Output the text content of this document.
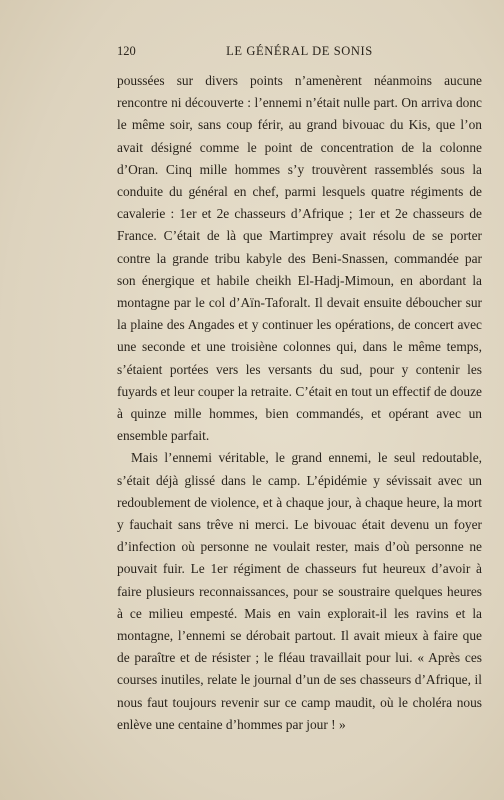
120	LE GÉNÉRAL DE SONIS

poussées sur divers points n’amenèrent néanmoins aucune rencontre ni découverte : l’ennemi n’était nulle part. On arriva donc le même soir, sans coup férir, au grand bivouac du Kis, que l’on avait désigné comme le point de concentration de la colonne d’Oran. Cinq mille hommes s’y trouvèrent rassemblés sous la conduite du général en chef, parmi lesquels quatre régiments de cavalerie : 1er et 2e chasseurs d’Afrique ; 1er et 2e chasseurs de France. C’était de là que Martimprey avait résolu de se porter contre la grande tribu kabyle des Beni-Snassen, commandée par son énergique et habile cheikh El-Hadj-Mimoun, en abordant la montagne par le col d’Aïn-Taforalt. Il devait ensuite déboucher sur la plaine des Angades et y continuer les opérations, de concert avec une seconde et une troisiène colonnes qui, dans le même temps, s’étaient portées vers les versants du sud, pour y contenir les fuyards et leur couper la retraite. C’était en tout un effectif de douze à quinze mille hommes, bien commandés, et opérant avec un ensemble parfait.

Mais l’ennemi véritable, le grand ennemi, le seul redoutable, s’était déjà glissé dans le camp. L’épidémie y sévissait avec un redoublement de violence, et à chaque jour, à chaque heure, la mort y fauchait sans trêve ni merci. Le bivouac était devenu un foyer d’infection où personne ne voulait rester, mais d’où personne ne pouvait fuir. Le 1er régiment de chasseurs fut heureux d’avoir à faire plusieurs reconnaissances, pour se soustraire quelques heures à ce milieu empesté. Mais en vain explorait-il les ravins et la montagne, l’ennemi se dérobait partout. Il avait mieux à faire que de paraître et de résister ; le fléau travaillait pour lui. « Après ces courses inutiles, relate le journal d’un de ses chasseurs d’Afrique, il nous faut toujours revenir sur ce camp maudit, où le choléra nous enlève une centaine d’hommes par jour ! »
